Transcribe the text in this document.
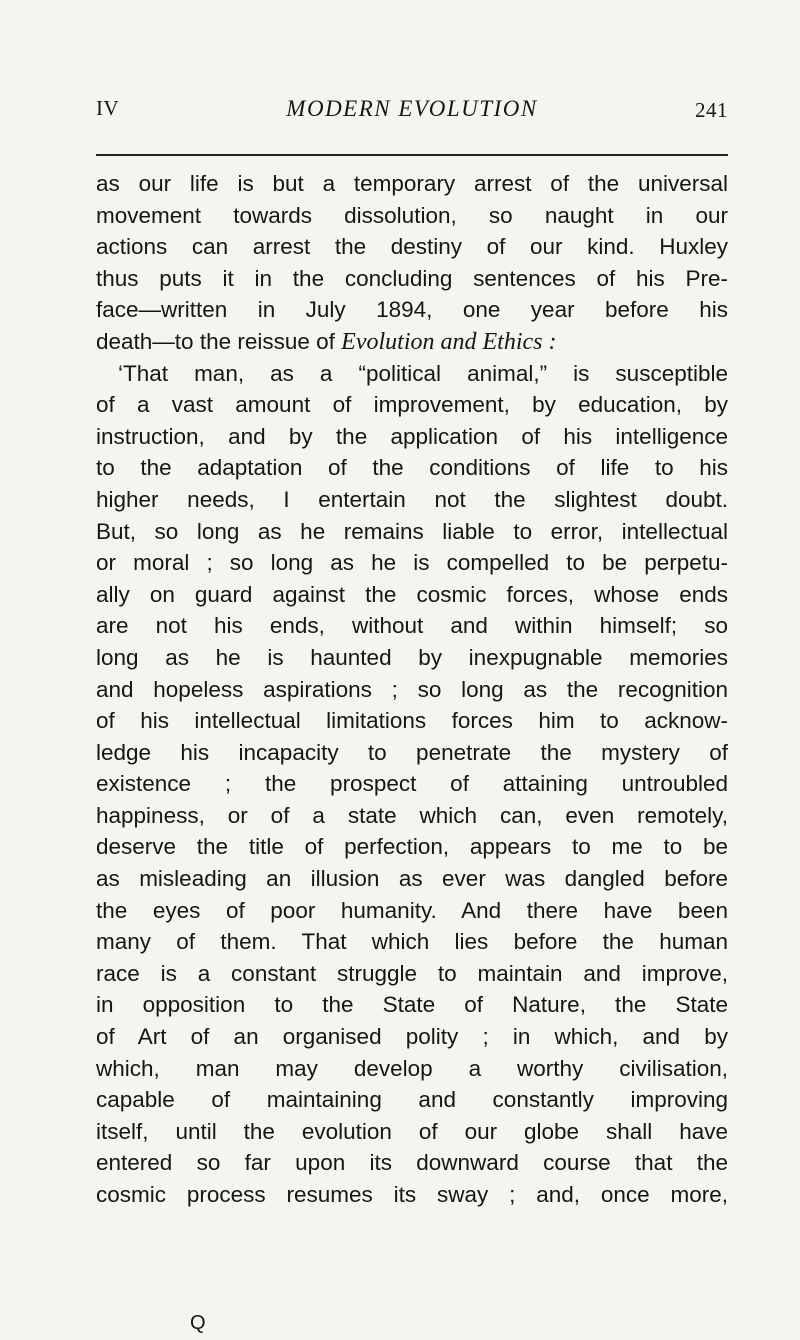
IV	MODERN EVOLUTION	241
as our life is but a temporary arrest of the universal
movement towards dissolution, so naught in our
actions can arrest the destiny of our kind. Huxley
thus puts it in the concluding sentences of his Pre-
face—written in July 1894, one year before his
death—to the reissue of Evolution and Ethics :
‘That man, as a “political animal,” is susceptible
of a vast amount of improvement, by education, by
instruction, and by the application of his intelligence
to the adaptation of the conditions of life to his
higher needs, I entertain not the slightest doubt.
But, so long as he remains liable to error, intellectual
or moral ; so long as he is compelled to be perpetu-
ally on guard against the cosmic forces, whose ends
are not his ends, without and within himself; so
long as he is haunted by inexpugnable memories
and hopeless aspirations ; so long as the recognition
of his intellectual limitations forces him to acknow-
ledge his incapacity to penetrate the mystery of
existence ; the prospect of attaining untroubled
happiness, or of a state which can, even remotely,
deserve the title of perfection, appears to me to be
as misleading an illusion as ever was dangled before
the eyes of poor humanity. And there have been
many of them. That which lies before the human
race is a constant struggle to maintain and improve,
in opposition to the State of Nature, the State
of Art of an organised polity ; in which, and by
which, man may develop a worthy civilisation,
capable of maintaining and constantly improving
itself, until the evolution of our globe shall have
entered so far upon its downward course that the
cosmic process resumes its sway ; and, once more,
Q
